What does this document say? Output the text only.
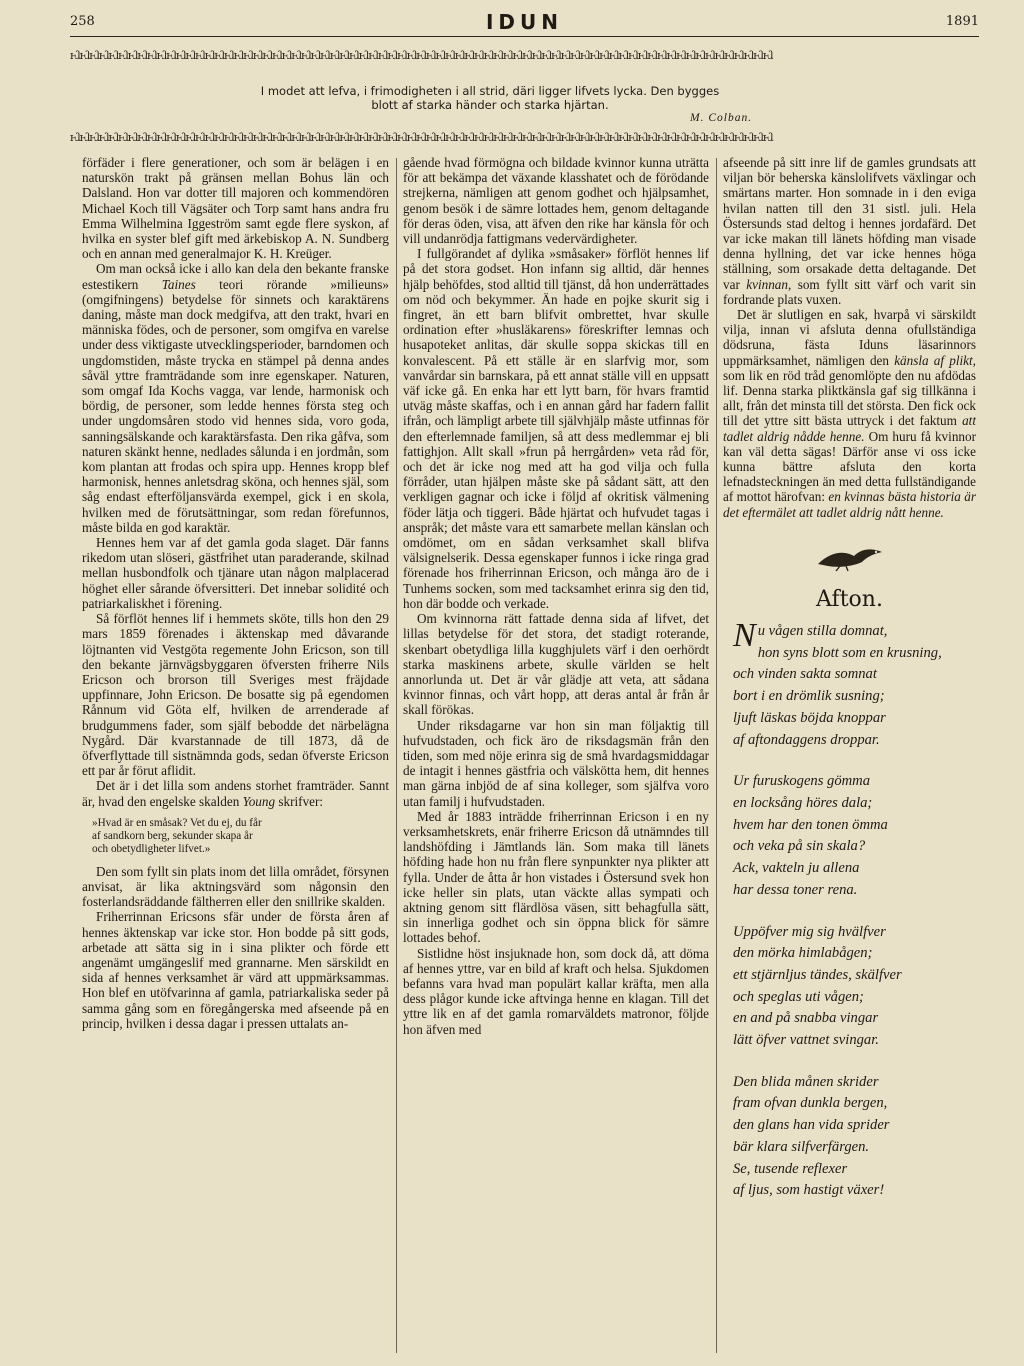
258	IDUN	1891
ⱶⱹⱶⱹⱶⱹⱶⱹⱶⱹⱶⱹⱶⱹⱶⱹⱶⱹⱶⱹⱶⱹⱶⱹⱶⱹⱶⱹⱶⱹⱶⱹⱶⱹⱶⱹⱶⱹⱶⱹⱶⱹⱶⱹⱶⱹⱶⱹⱶⱹⱶⱹⱶⱹⱶⱹⱶⱹⱶⱹⱶⱹⱶⱹⱶⱹⱶⱹⱶⱹⱶⱹⱶⱹⱶⱹⱶⱹⱶⱹⱶⱹⱶⱹⱶⱹⱶⱹⱶⱹⱶⱹⱶⱹⱶⱹⱶⱹⱶⱹⱶⱹⱶⱹⱶⱹⱶⱹⱶⱹⱶⱹⱶⱹⱶⱹⱶⱹⱶⱹⱶⱹⱶⱹⱶⱹⱶⱹⱶⱹⱶⱹⱶⱹⱶⱹⱶⱹⱶⱹⱶⱹⱶⱹⱶⱹ
I modet att lefva, i frimodigheten i all strid, däri ligger lifvets lycka. Den bygges
blott af starka händer och starka hjärtan.
M. Colban.
ⱶⱹⱶⱹⱶⱹⱶⱹⱶⱹⱶⱹⱶⱹⱶⱹⱶⱹⱶⱹⱶⱹⱶⱹⱶⱹⱶⱹⱶⱹⱶⱹⱶⱹⱶⱹⱶⱹⱶⱹⱶⱹⱶⱹⱶⱹⱶⱹⱶⱹⱶⱹⱶⱹⱶⱹⱶⱹⱶⱹⱶⱹⱶⱹⱶⱹⱶⱹⱶⱹⱶⱹⱶⱹⱶⱹⱶⱹⱶⱹⱶⱹⱶⱹⱶⱹⱶⱹⱶⱹⱶⱹⱶⱹⱶⱹⱶⱹⱶⱹⱶⱹⱶⱹⱶⱹⱶⱹⱶⱹⱶⱹⱶⱹⱶⱹⱶⱹⱶⱹⱶⱹⱶⱹⱶⱹⱶⱹⱶⱹⱶⱹⱶⱹⱶⱹⱶⱹⱶⱹⱶⱹⱶⱹⱶⱹ

förfäder i flere generationer, och som är belägen i en naturskön trakt på gränsen mellan Bohus län och Dalsland. Hon var dotter till majoren och kommendören Michael Koch till Vägsäter och Torp samt hans andra fru Emma Wilhelmina Iggeström samt egde flere syskon, af hvilka en syster blef gift med ärkebiskop A. N. Sundberg och en annan med generalmajor K. H. Kreüger.

Om man också icke i allo kan dela den bekante franske estestikern Taines teori rörande »milieuns» (omgifningens) betydelse för sinnets och karaktärens daning, måste man dock medgifva, att den trakt, hvari en människa födes, och de personer, som omgifva en varelse under dess viktigaste utvecklingsperioder, barndomen och ungdomstiden, måste trycka en stämpel på denna andes såväl yttre framträdande som inre egenskaper. Naturen, som omgaf Ida Kochs vagga, var lende, harmonisk och bördig, de personer, som ledde hennes första steg och under ungdomsåren stodo vid hennes sida, voro goda, sanningsälskande och karaktärsfasta. Den rika gåfva, som naturen skänkt henne, nedlades sålunda i en jordmån, som kom plantan att frodas och spira upp. Hennes kropp blef harmonisk, hennes anletsdrag sköna, och hennes själ, som såg endast efterföljansvärda exempel, gick i en skola, hvilken med de förutsättningar, som redan förefunnos, måste bilda en god karaktär.

Hennes hem var af det gamla goda slaget. Där fanns rikedom utan slöseri, gästfrihet utan paraderande, skilnad mellan husbondfolk och tjänare utan någon malplacerad höghet eller sårande öfversitteri. Det innebar solidité och patriarkaliskhet i förening.

Så förflöt hennes lif i hemmets sköte, tills hon den 29 mars 1859 förenades i äktenskap med dåvarande löjtnanten vid Vestgöta regemente John Ericson, son till den bekante järnvägsbyggaren öfversten friherre Nils Ericson och brorson till Sveriges mest fräjdade uppfinnare, John Ericson. De bosatte sig på egendomen Rånnum vid Göta elf, hvilken de arrenderade af brudgummens fader, som själf bebodde det närbelägna Nygård. Där kvarstannade de till 1873, då de öfverflyttade till sistnämnda gods, sedan öfverste Ericson ett par år förut aflidit.

Det är i det lilla som andens storhet framträder. Sannt är, hvad den engelske skalden Young skrifver:

»Hvad är en småsak? Vet du ej, du får
af sandkorn berg, sekunder skapa år
och obetydligheter lifvet.»

Den som fyllt sin plats inom det lilla området, försynen anvisat, är lika aktningsvärd som någonsin den fosterlandsräddande fältherren eller den snillrike skalden.

Friherrinnan Ericsons sfär under de första åren af hennes äktenskap var icke stor. Hon bodde på sitt gods, arbetade att sätta sig in i sina plikter och förde ett angenämt umgängeslif med grannarne. Men särskildt en sida af hennes verksamhet är värd att uppmärksammas. Hon blef en utöfvarinna af gamla, patriarkaliska seder på samma gång som en föregångerska med afseende på en princip, hvilken i dessa dagar i pressen uttalats an-

gående hvad förmögna och bildade kvinnor kunna uträtta för att bekämpa det växande klasshatet och de förödande strejkerna, nämligen att genom godhet och hjälpsamhet, genom besök i de sämre lottades hem, genom deltagande för deras öden, visa, att äfven den rike har känsla för och vill undanrödja fattigmans vedervärdigheter.

I fullgörandet af dylika »småsaker» förflöt hennes lif på det stora godset. Hon infann sig alltid, där hennes hjälp behöfdes, stod alltid till tjänst, då hon underrättades om nöd och bekymmer. Än hade en pojke skurit sig i fingret, än ett barn blifvit ombrettet, hvar skulle ordination efter »husläkarens» föreskrifter lemnas och husapoteket anlitas, där skulle soppa skickas till en konvalescent. På ett ställe är en slarfvig mor, som vanvårdar sin barnskara, på ett annat ställe vill en uppsatt väf icke gå. En enka har ett lytt barn, för hvars framtid utväg måste skaffas, och i en annan gård har fadern fallit ifrån, och lämpligt arbete till självhjälp måste utfinnas för den efterlemnade familjen, så att dess medlemmar ej bli fattighjon. Allt skall »frun på herrgården» veta råd för, och det är icke nog med att ha god vilja och fulla förråder, utan hjälpen måste ske på sådant sätt, att den verkligen gagnar och icke i följd af okritisk välmening föder lätja och tiggeri. Både hjärtat och hufvudet tagas i anspråk; det måste vara ett samarbete mellan känslan och omdömet, om en sådan verksamhet skall blifva välsignelserik. Dessa egenskaper funnos i icke ringa grad förenade hos friherrinnan Ericson, och många äro de i Tunhems socken, som med tacksamhet erinra sig den tid, hon där bodde och verkade.

Om kvinnorna rätt fattade denna sida af lifvet, det lillas betydelse för det stora, det stadigt roterande, skenbart obetydliga lilla kugghjulets värf i den oerhördt starka maskinens arbete, skulle världen se helt annorlunda ut. Det är vår glädje att veta, att sådana kvinnor finnas, och vårt hopp, att deras antal år från år skall förökas.

Under riksdagarne var hon sin man följaktig till hufvudstaden, och fick äro de riksdagsmän från den tiden, som med nöje erinra sig de små hvardagsmiddagar de intagit i hennes gästfria och välskötta hem, dit hennes man gärna inbjöd de af sina kolleger, som själfva voro utan familj i hufvudstaden.

Med år 1883 inträdde friherrinnan Ericson i en ny verksamhetskrets, enär friherre Ericson då utnämndes till landshöfding i Jämtlands län. Som maka till länets höfding hade hon nu från flere synpunkter nya plikter att fylla. Under de åtta år hon vistades i Östersund svek hon icke heller sin plats, utan väckte allas sympati och aktning genom sitt flärdlösa väsen, sitt behagfulla sätt, sin innerliga godhet och sin öppna blick för sämre lottades behof.

Sistlidne höst insjuknade hon, som dock då, att döma af hennes yttre, var en bild af kraft och helsa. Sjukdomen befanns vara hvad man populärt kallar kräfta, men alla dess plågor kunde icke aftvinga henne en klagan. Till det yttre lik en af det gamla romarväldets matronor, följde hon äfven med

afseende på sitt inre lif de gamles grundsats att viljan bör beherska känslolifvets växlingar och smärtans marter. Hon somnade in i den eviga hvilan natten till den 31 sistl. juli. Hela Östersunds stad deltog i hennes jordafärd. Det var icke makan till länets höfding man visade denna hyllning, det var icke hennes höga ställning, som orsakade detta deltagande. Det var kvinnan, som fyllt sitt värf och varit sin fordrande plats vuxen.

Det är slutligen en sak, hvarpå vi särskildt vilja, innan vi afsluta denna ofullständiga dödsruna, fästa Iduns läsarinnors uppmärksamhet, nämligen den känsla af plikt, som lik en röd tråd genomlöpte den nu afdödas lif. Denna starka pliktkänsla gaf sig tillkänna i allt, från det minsta till det största. Den fick ock till det yttre sitt bästa uttryck i det faktum att tadlet aldrig nådde henne. Om huru få kvinnor kan väl detta sägas! Därför anse vi oss icke kunna bättre afsluta den korta lefnadsteckningen än med detta fullständigande af mottot härofvan: en kvinnas bästa historia är det eftermälet att tadlet aldrig nått henne.

Afton.
N u vågen stilla domnat,

hon syns blott som en krusning,

och vinden sakta somnat

bort i en drömlik susning;

ljuft läskas böjda knoppar

af aftondaggens droppar.

Ur furuskogens gömma

en locksång höres dala;

hvem har den tonen ömma

och veka på sin skala?

Ack, vakteln ju allena

har dessa toner rena.

Uppöfver mig sig hvälfver

den mörka himlabågen;

ett stjärnljus tändes, skälfver

och speglas uti vågen;

en and på snabba vingar

lätt öfver vattnet svingar.

Den blida månen skrider

fram ofvan dunkla bergen,

den glans han vida sprider

bär klara silfverfärgen.

Se, tusende reflexer

af ljus, som hastigt växer!
